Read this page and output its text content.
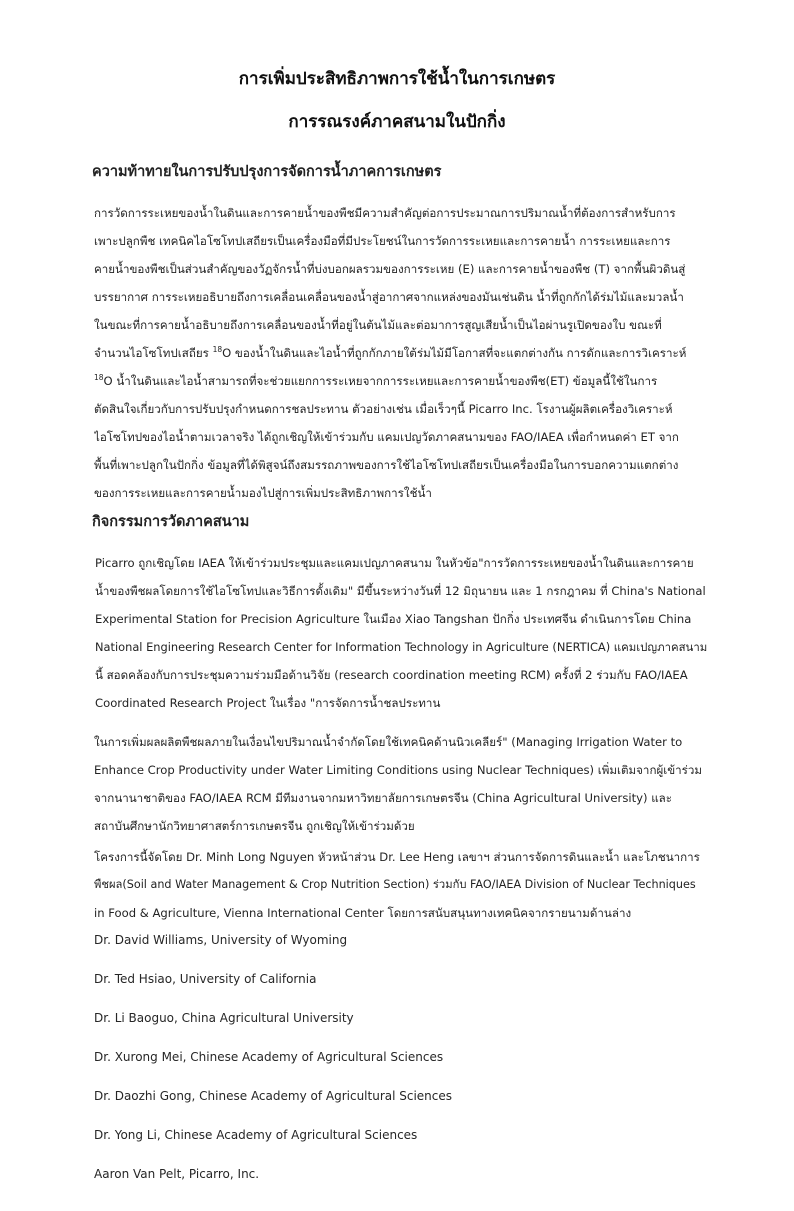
การเพิ่มประสิทธิภาพการใช้น้ำในการเกษตร
การรณรงค์ภาคสนามในปักกิ่ง
ความท้าทายในการปรับปรุงการจัดการน้ำภาคการเกษตร
การวัดการระเหยของน้ำในดินและการคายน้ำของพืชมีความสำคัญต่อการประมาณการปริมาณน้ำที่ต้องการสำหรับการ
เพาะปลูกพืช เทคนิคไอโซโทปเสถียรเป็นเครื่องมือที่มีประโยชน์ในการวัดการระเหยและการคายน้ำ การระเหยและการ
คายน้ำของพืชเป็นส่วนสำคัญของวัฏจักรน้ำที่บ่งบอกผลรวมของการระเหย (E) และการคายน้ำของพืช (T) จากพื้นผิวดินสู่
บรรยากาศ การระเหยอธิบายถึงการเคลื่อนเคลื่อนของน้ำสู่อากาศจากแหล่งของมันเช่นดิน น้ำที่ถูกกักได้ร่มไม้และมวลน้ำ
ในขณะที่การคายน้ำอธิบายถึงการเคลื่อนของน้ำที่อยู่ในต้นไม้และต่อมาการสูญเสียน้ำเป็นไอผ่านรูเปิดของใบ ขณะที่
จำนวนไอโซโทปเสถียร $^{18}$O ของน้ำในดินและไอน้ำที่ถูกกักภายใต้ร่มไม้มีโอกาสที่จะแตกต่างกัน การดักและการวิเคราะห์
$^{18}$O น้ำในดินและไอน้ำสามารถที่จะช่วยแยกการระเหยจากการระเหยและการคายน้ำของพืช(ET) ข้อมูลนี้ใช้ในการ
ตัดสินใจเกี่ยวกับการปรับปรุงกำหนดการชลประทาน ตัวอย่างเช่น เมื่อเร็วๆนี้ Picarro Inc. โรงานผู้ผลิตเครื่องวิเคราะห์
ไอโซโทปของไอน้ำตามเวลาจริง ได้ถูกเชิญให้เข้าร่วมกับ แคมเปญวัดภาคสนามของ FAO/IAEA เพื่อกำหนดค่า ET จาก
พื้นที่เพาะปลูกในปักกิ่ง ข้อมูลที่ได้พิสูจน์ถึงสมรรถภาพของการใช้ไอโซโทปเสถียรเป็นเครื่องมือในการบอกความแตกต่าง
ของการระเหยและการคายน้ำมองไปสู่การเพิ่มประสิทธิภาพการใช้น้ำ
กิจกรรมการวัดภาคสนาม
Picarro ถูกเชิญโดย IAEA ให้เข้าร่วมประชุมและแคมเปญภาคสนาม ในหัวข้อ"การวัดการระเหยของน้ำในดินและการคาย
น้ำของพืชผลโดยการใช้ไอโซโทปและวิธีการดั้งเดิม" มีขึ้นระหว่างวันที่ 12 มิถุนายน และ 1 กรกฎาคม ที่ China's National
Experimental Station for Precision Agriculture ในเมือง Xiao Tangshan ปักกิ่ง ประเทศจีน ดำเนินการโดย China
National Engineering Research Center for Information Technology in Agriculture (NERTICA) แคมเปญภาคสนาม
นี้ สอดคล้องกับการประชุมความร่วมมือด้านวิจัย (research coordination meeting RCM) ครั้งที่ 2 ร่วมกับ FAO/IAEA
Coordinated Research Project ในเรื่อง "การจัดการน้ำชลประทาน
ในการเพิ่มผลผลิตพืชผลภายในเงื่อนไขปริมาณน้ำจำกัดโดยใช้เทคนิคด้านนิวเคลียร์" (Managing Irrigation Water to
Enhance Crop Productivity under Water Limiting Conditions using Nuclear Techniques) เพิ่มเติมจากผู้เข้าร่วม
จากนานาชาติของ FAO/IAEA RCM มีทีมงานจากมหาวิทยาลัยการเกษตรจีน (China Agricultural University) และ
สถาบันศึกษานักวิทยาศาสตร์การเกษตรจีน ถูกเชิญให้เข้าร่วมด้วย
โครงการนี้จัดโดย Dr. Minh Long Nguyen หัวหน้าส่วน Dr. Lee Heng เลขาฯ ส่วนการจัดการดินและน้ำ และโภชนาการ
พืชผล(Soil and Water Management & Crop Nutrition Section) ร่วมกับ FAO/IAEA Division of Nuclear Techniques
in Food & Agriculture, Vienna International Center โดยการสนับสนุนทางเทคนิคจากรายนามด้านล่าง

Dr. David Williams, University of Wyoming

Dr. Ted Hsiao, University of California

Dr. Li Baoguo, China Agricultural University

Dr. Xurong Mei, Chinese Academy of Agricultural Sciences

Dr. Daozhi Gong, Chinese Academy of Agricultural Sciences

Dr. Yong Li, Chinese Academy of Agricultural Sciences

Aaron Van Pelt, Picarro, Inc.
